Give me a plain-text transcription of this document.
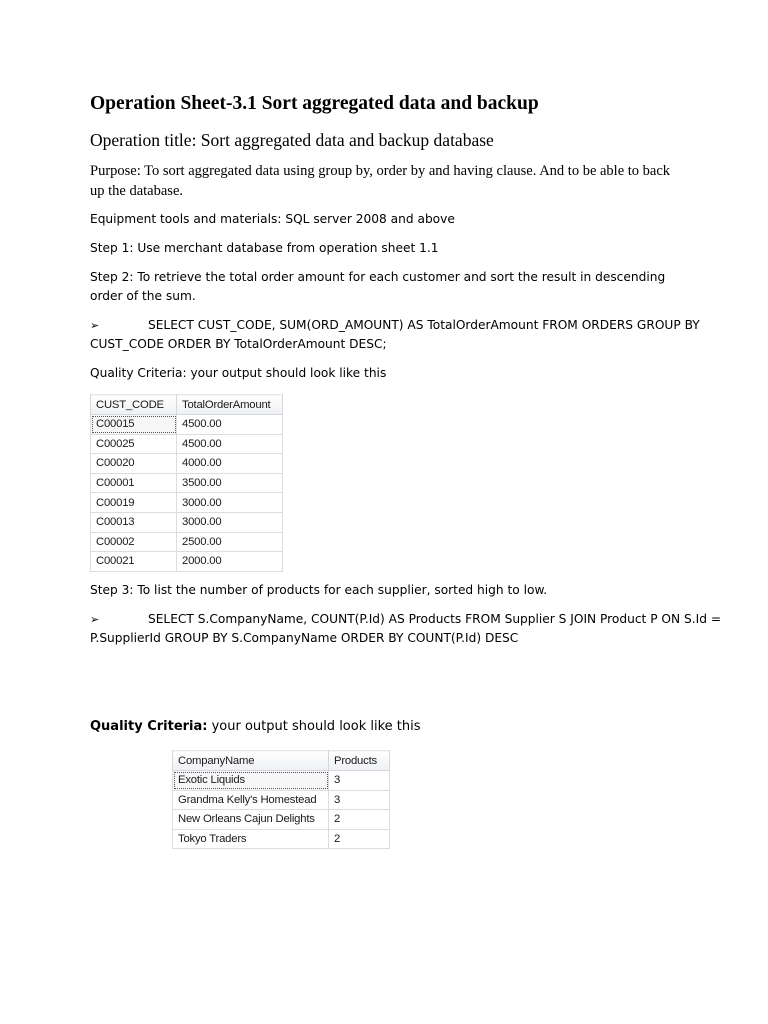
Operation Sheet-3.1 Sort aggregated data and backup
Operation title: Sort aggregated data and backup database
Purpose: To sort aggregated data using group by, order by and having clause. And to be able to back up the database.
Equipment tools and materials: SQL server 2008 and above
Step 1: Use merchant database from operation sheet 1.1
Step 2: To retrieve the total order amount for each customer and sort the result in descending order of the sum.
➢	SELECT CUST_CODE, SUM(ORD_AMOUNT) AS TotalOrderAmount FROM ORDERS GROUP BY
CUST_CODE ORDER BY TotalOrderAmount DESC;
Quality Criteria: your output should look like this
CUST_CODE	TotalOrderAmount
C00015	4500.00
C00025	4500.00
C00020	4000.00
C00001	3500.00
C00019	3000.00
C00013	3000.00
C00002	2500.00
C00021	2000.00
Step 3: To list the number of products for each supplier, sorted high to low.
➢	SELECT S.CompanyName, COUNT(P.Id) AS Products FROM Supplier S JOIN Product P ON S.Id =
P.SupplierId GROUP BY S.CompanyName ORDER BY COUNT(P.Id) DESC
Quality Criteria: your output should look like this
CompanyName	Products
Exotic Liquids	3
Grandma Kelly's Homestead	3
New Orleans Cajun Delights	2
Tokyo Traders	2
